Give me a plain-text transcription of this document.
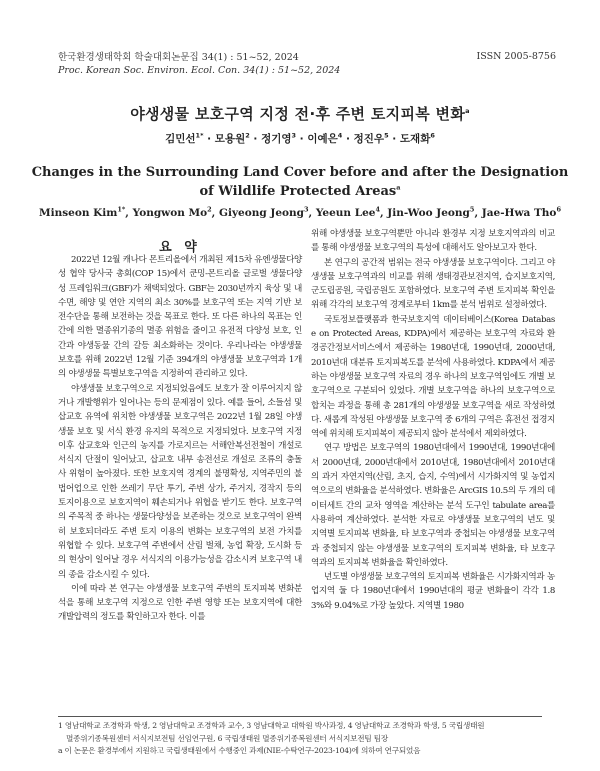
한국환경생태학회 학술대회논문집 34(1) : 51~52, 2024
Proc. Korean Soc. Environ. Ecol. Con. 34(1) : 51~52, 2024
ISSN 2005-8756
야생생물 보호구역 지정 전·후 주변 토지피복 변화$^a$
김민선$^{1*}$ · 모용원$^2$ · 정기영$^3$ · 이예은$^4$ · 정진우$^5$ · 도재화$^6$
Changes in the Surrounding Land Cover before and after the Designation
of Wildlife Protected Areas$^a$
Minseon Kim$^{1*}$, Yongwon Mo$^2$, Giyeong Jeong$^3$, Yeeun Lee$^4$, Jin-Woo Jeong$^5$, Jae-Hwa Tho$^6$
요 약

2022년 12월 캐나다 몬트리올에서 개최된 제15차 유엔생물다양성 협약 당사국 총회(COP 15)에서 쿤밍-몬트리올 글로벌 생물다양성 프레임워크(GBF)가 채택되었다. GBF는 2030년까지 육상 및 내수면, 해양 및 연안 지역의 최소 30%를 보호구역 또는 지역 기반 보전수단을 통해 보전하는 것을 목표로 한다. 또 다른 하나의 목표는 인간에 의한 멸종위기종의 멸종 위험을 줄이고 유전적 다양성 보호, 인간과 야생동물 간의 갈등 최소화하는 것이다. 우리나라는 야생생물 보호를 위해 2022년 12월 기준 394개의 야생생물 보호구역과 1개의 야생생물 특별보호구역을 지정하여 관리하고 있다.

야생생물 보호구역으로 지정되었음에도 보호가 잘 이루어지지 않거나 개발행위가 일어나는 등의 문제점이 있다. 예를 들어, 소들섬 및 삽교호 유역에 위치한 야생생물 보호구역은 2022년 1월 28일 야생생물 보호 및 서식 환경 유지의 목적으로 지정되었다. 보호구역 지정 이후 삽교호와 인근의 농지를 가로지르는 서해안복선전철이 개설로 서식지 단절이 일어났고, 삽교호 내부 송전선로 개설로 조류의 충돌사 위험이 높아졌다. 또한 보호지역 경계의 불명확성, 지역주민의 불법어업으로 인한 쓰레기 무단 투기, 주변 상가, 주거지, 경작지 등의 토지이용으로 보호지역이 훼손되거나 위협을 받기도 한다. 보호구역의 주목적 중 하나는 생물다양성을 보존하는 것으로 보호구역이 완벽히 보호되더라도 주변 토지 이용의 변화는 보호구역의 보전 가치를 위협할 수 있다. 보호구역 주변에서 산림 벌채, 농업 확장, 도시화 등의 현상이 일어날 경우 서식지의 이용가능성을 감소시켜 보호구역 내의 종을 감소시킬 수 있다.

이에 따라 본 연구는 야생생물 보호구역 주변의 토지피복 변화분석을 통해 보호구역 지정으로 인한 주변 영향 또는 보호지역에 대한 개발압력의 정도를 확인하고자 한다. 이를

위해 야생생물 보호구역뿐만 아니라 환경부 지정 보호지역과의 비교를 통해 야생생물 보호구역의 특성에 대해서도 알아보고자 한다.

본 연구의 공간적 범위는 전국 야생생물 보호구역이다. 그리고 야생생물 보호구역과의 비교를 위해 생태경관보전지역, 습지보호지역, 군도립공원, 국립공원도 포함하였다. 보호구역 주변 토지피복 확인을 위해 각각의 보호구역 경계로부터 1km를 분석 범위로 설정하였다.

국토정보플랫폼과 한국보호지역 데이터베이스(Korea Database on Protected Areas, KDPA)에서 제공하는 보호구역 자료와 환경공간정보서비스에서 제공하는 1980년대, 1990년대, 2000년대, 2010년대 대분류 토지피복도를 분석에 사용하였다. KDPA에서 제공하는 야생생물 보호구역 자료의 경우 하나의 보호구역임에도 개별 보호구역으로 구분되어 있었다. 개별 보호구역을 하나의 보호구역으로 합치는 과정을 통해 총 281개의 야생생물 보호구역을 새로 작성하였다. 새롭게 작성된 야생생물 보호구역 중 6개의 구역은 휴전선 접경지역에 위치해 토지피복이 제공되지 않아 분석에서 제외하였다.

연구 방법은 보호구역의 1980년대에서 1990년대, 1990년대에서 2000년대, 2000년대에서 2010년대, 1980년대에서 2010년대의 과거 자연지역(산림, 초지, 습지, 수역)에서 시가화지역 및 농업지역으로의 변화율을 분석하였다. 변화율은 ArcGIS 10.5의 두 개의 데이터세트 간의 교차 영역을 계산하는 분석 도구인 tabulate area를 사용하여 계산하였다. 분석한 자료로 야생생물 보호구역의 년도 및 지역별 토지피복 변화율, 타 보호구역과 중첩되는 야생생물 보호구역과 중첩되지 않는 야생생물 보호구역의 토지피복 변화율, 타 보호구역과의 토지피복 변화율을 확인하였다.

년도별 야생생물 보호구역의 토지피복 변화율은 시가화지역과 농업지역 둘 다 1980년대에서 1990년대의 평균 변화율이 각각 1.83%와 9.04%로 가장 높았다. 지역별 1980

1 영남대학교 조경학과 학생, 2 영남대학교 조경학과 교수, 3 영남대학교 대학원 박사과정, 4 영남대학교 조경학과 학생, 5 국립생태원

멸종위기종복원센터 서식지보전팀 선임연구원, 6 국립생태원 멸종위기종복원센터 서식지보전팀 팀장

a 이 논문은 환경부에서 지원하고 국립생태원에서 수행중인 과제(NIE-수탁연구-2023-104)에 의하여 연구되었음
